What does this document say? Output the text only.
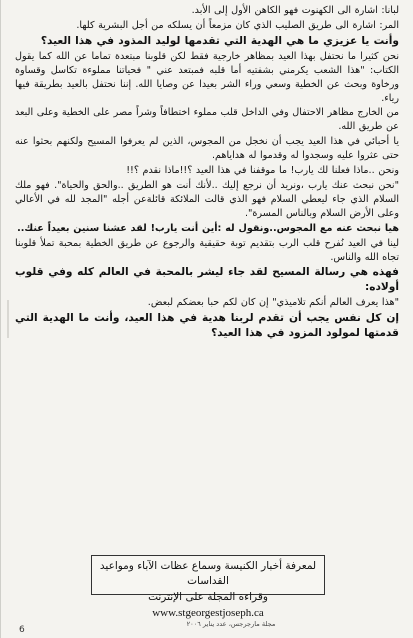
لبانا: اشارة الى الكهنوت فهو الكاهن الأول إلى الأبد.

المر: اشارة الى طريق الصليب الذي كان مزمعاً أن يسلكه من أجل البشرية كلها.

وأنت يا عزيزي ما هي الهدية التي تقدمها لوليد المذود في هذا العيد؟

نحن كثيرا ما نحتفل بهذا العيد بمظاهر خارجية فقط لكن قلوبنا مبتعدة تماما عن الله كما يقول الكتاب: "هذا الشعب يكرمني بشفتيه أما قلبه فمبتعد عني " فحياتنا مملوءة تكاسل وقساوة ورخاوة وبحث عن الخطية وسعي وراء الشر بعيدا عن وصايا الله. إننا نحتفل بالعيد بطريقة فيها رياء.

من الخارج مظاهر الاحتفال وفي الداخل قلب مملوء اختطافاً وشراً مصر على الخطية وعلى البعد عن طريق الله.

يا أحبائي في هذا العيد يجب أن نخجل من المجوس، الذين لم يعرفوا المسيح ولكنهم بحثوا عنه حتى عثروا عليه وسجدوا له وقدموا له هداياهم.

ونحن ..ماذا فعلنا لك يارب! ما موقفنا في هذا العيد ؟!!ماذا نقدم ؟!!

"نحن نبحث عنك يارب ،ونريد أن نرجع إليك ..لأنك أنت هو الطريق ..والحق والحياة". فهو ملك السلام الذي جاء ليعطي السلام فهو الذي قالت الملائكة قائلةعن أجله "المجد لله في الأعالي وعلى الأرض السلام وبالناس المسرة".

هيا نبحث عنه مع المجوس..ونقول له :أين أنت يارب! لقد عشنا سنين بعيداً عنك..

لينا في العيد نُفرح قلب الرب بتقديم توبة حقيقية والرجوع عن طريق الخطية بمحبة تملأ قلوبنا تجاه الله والناس.

فهذه هي رسالة المسيح لقد جاء ليشر بالمحبة في العالم كله وفي قلوب أولاده:

"هذا يعرف العالم أنكم تلاميذي" إن كان لكم حبا بعضكم لبعض.

إن كل نفس يجب أن تقدم لربنا هدية في هذا العيد، وأنت ما الهدية التي قدمتها لمولود المزود في هذا العيد؟

لمعرفة أخبار الكنيسة وسماع عظات الآباء ومواعيد القداسات
وقراءة المجلة على الإنترنت www.stgeorgestjoseph.ca
مجلة مارجرجس، عدد يناير ٢٠٠٦
6
